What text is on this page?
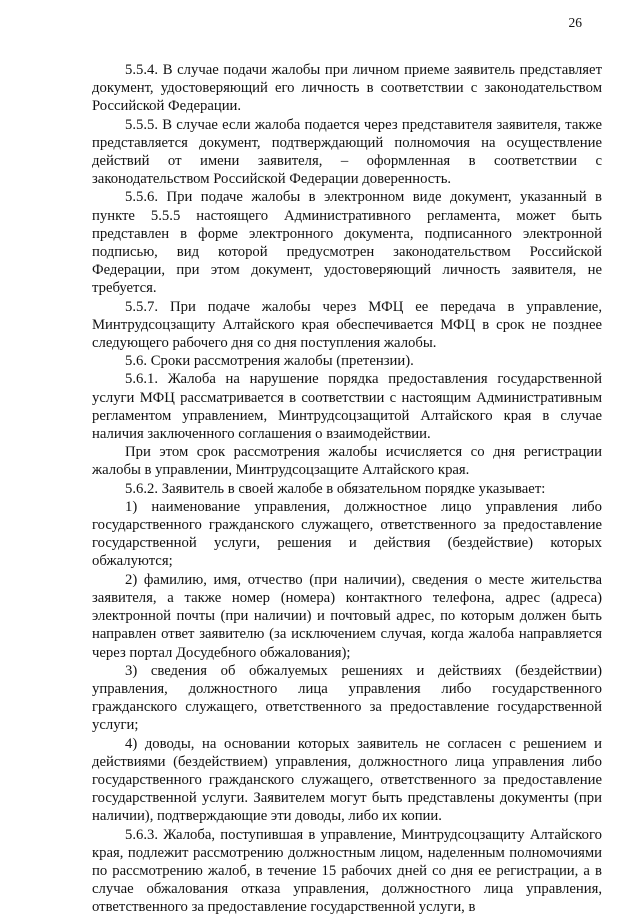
26

5.5.4. В случае подачи жалобы при личном приеме заявитель представляет документ, удостоверяющий его личность в соответствии с законодательством Российской Федерации.

5.5.5. В случае если жалоба подается через представителя заявителя, также представляется документ, подтверждающий полномочия на осуществление действий от имени заявителя, – оформленная в соответствии с законодательством Российской Федерации доверенность.

5.5.6. При подаче жалобы в электронном виде документ, указанный в пункте 5.5.5 настоящего Административного регламента, может быть представлен в форме электронного документа, подписанного электронной подписью, вид которой предусмотрен законодательством Российской Федерации, при этом документ, удостоверяющий личность заявителя, не требуется.

5.5.7. При подаче жалобы через МФЦ ее передача в управление, Минтрудсоцзащиту Алтайского края обеспечивается МФЦ в срок не позднее следующего рабочего дня со дня поступления жалобы.

5.6. Сроки рассмотрения жалобы (претензии).

5.6.1. Жалоба на нарушение порядка предоставления государственной услуги МФЦ рассматривается в соответствии с настоящим Административным регламентом управлением, Минтрудсоцзащитой Алтайского края в случае наличия заключенного соглашения о взаимодействии.

При этом срок рассмотрения жалобы исчисляется со дня регистрации жалобы в управлении, Минтрудсоцзащите Алтайского края.

5.6.2. Заявитель в своей жалобе в обязательном порядке указывает:

1) наименование управления, должностное лицо управления либо государственного гражданского служащего, ответственного за предоставление государственной услуги, решения и действия (бездействие) которых обжалуются;

2) фамилию, имя, отчество (при наличии), сведения о месте жительства заявителя, а также номер (номера) контактного телефона, адрес (адреса) электронной почты (при наличии) и почтовый адрес, по которым должен быть направлен ответ заявителю (за исключением случая, когда жалоба направляется через портал Досудебного обжалования);

3) сведения об обжалуемых решениях и действиях (бездействии) управления, должностного лица управления либо государственного гражданского служащего, ответственного за предоставление государственной услуги;

4) доводы, на основании которых заявитель не согласен с решением и действиями (бездействием) управления, должностного лица управления либо государственного гражданского служащего, ответственного за предоставление государственной услуги. Заявителем могут быть представлены документы (при наличии), подтверждающие эти доводы, либо их копии.

5.6.3. Жалоба, поступившая в управление, Минтрудсоцзащиту Алтайского края, подлежит рассмотрению должностным лицом, наделенным полномочиями по рассмотрению жалоб, в течение 15 рабочих дней со дня ее регистрации, а в случае обжалования отказа управления, должностного лица управления, ответственного за предоставление государственной услуги, в
